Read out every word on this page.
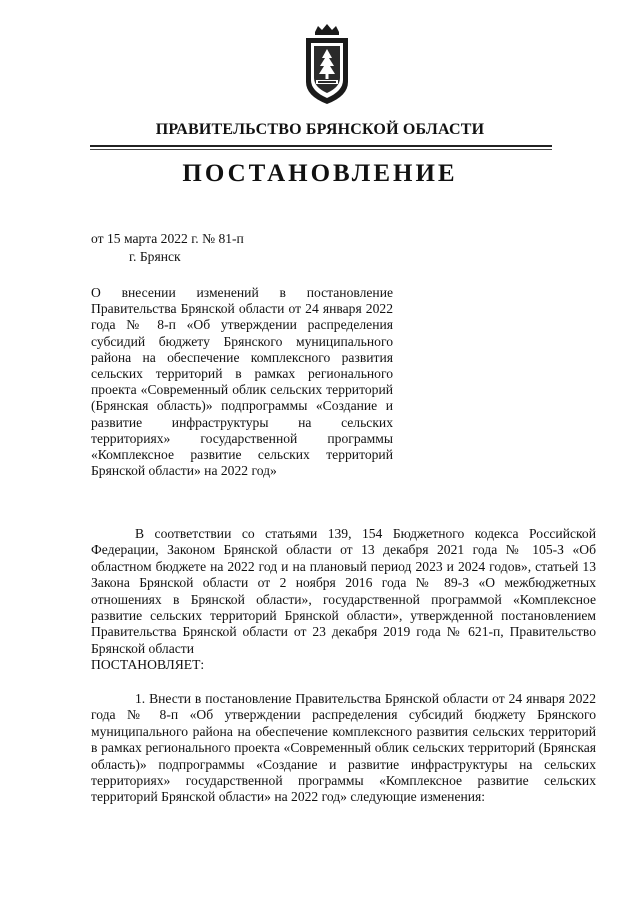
ПРАВИТЕЛЬСТВО БРЯНСКОЙ ОБЛАСТИ
ПОСТАНОВЛЕНИЕ
от 15 марта 2022 г. № 81-п
г. Брянск
О внесении изменений в постановление Правительства Брянской области от 24 января 2022 года № 8-п «Об утверждении распределения субсидий бюджету Брянского муниципального района на обеспечение комплексного развития сельских территорий в рамках регионального проекта «Современный облик сельских территорий (Брянская область)» подпрограммы «Создание и развитие инфраструктуры на сельских территориях» государственной программы «Комплексное развитие сельских территорий Брянской области» на 2022 год»

В соответствии со статьями 139, 154 Бюджетного кодекса Российской Федерации, Законом Брянской области от 13 декабря 2021 года № 105-З «Об областном бюджете на 2022 год и на плановый период 2023 и 2024 годов», статьей 13 Закона Брянской области от 2 ноября 2016 года № 89-З «О межбюджетных отношениях в Брянской области», государственной программой «Комплексное развитие сельских территорий Брянской области», утвержденной постановлением Правительства Брянской области от 23 декабря 2019 года № 621-п, Правительство Брянской области

ПОСТАНОВЛЯЕТ:

1. Внести в постановление Правительства Брянской области от 24 января 2022 года № 8-п «Об утверждении распределения субсидий бюджету Брянского муниципального района на обеспечение комплексного развития сельских территорий в рамках регионального проекта «Современный облик сельских территорий (Брянская область)» подпрограммы «Создание и развитие инфраструктуры на сельских территориях» государственной программы «Комплексное развитие сельских территорий Брянской области» на 2022 год» следующие изменения:
